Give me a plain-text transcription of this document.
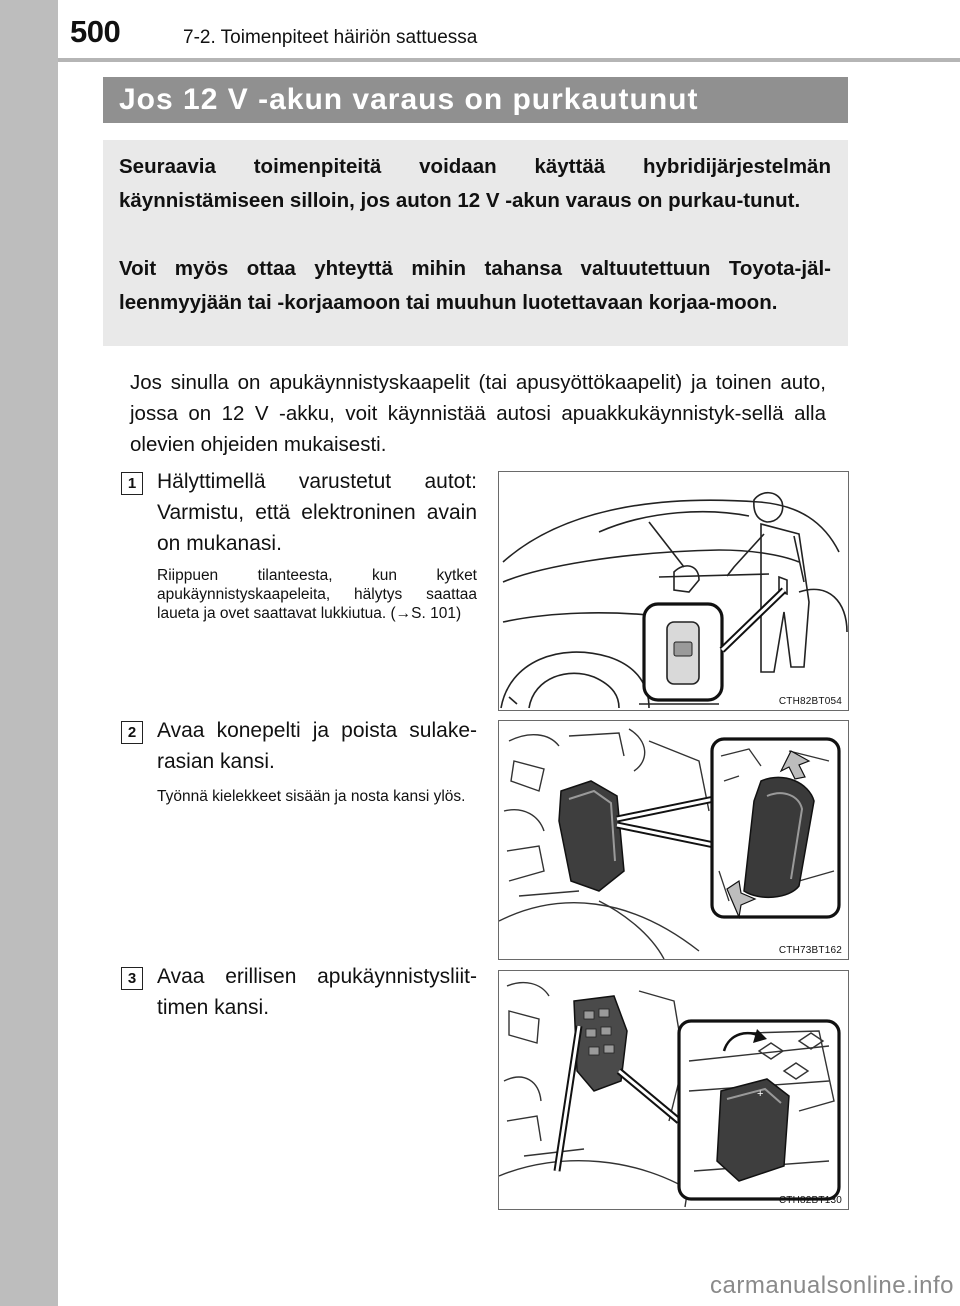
500	7-2. Toimenpiteet häiriön sattuessa
Jos 12 V -akun varaus on purkautunut

Seuraavia toimenpiteitä voidaan käyttää hybridijärjestelmän käynnistämiseen silloin, jos auton 12 V -akun varaus on purkau-tunut.

Voit myös ottaa yhteyttä mihin tahansa valtuutettuun Toyota-jäl-leenmyyjään tai -korjaamoon tai muuhun luotettavaan korjaa-moon.

Jos sinulla on apukäynnistyskaapelit (tai apusyöttökaapelit) ja toinen auto, jossa on 12 V -akku, voit käynnistää autosi apuakkukäynnistyk-sellä alla olevien ohjeiden mukaisesti.

1 Hälyttimellä varustetut autot: Varmistu, että elektroninen avain on mukanasi.

Riippuen tilanteesta, kun kytket apukäynnistyskaapeleita, hälytys saattaa laueta ja ovet saattavat lukkiutua. (→S. 101)

CTH82BT054
2 Avaa konepelti ja poista sulake-rasian kansi.

Työnnä kielekkeet sisään ja nosta kansi ylös.

CTH73BT162
3 Avaa erillisen apukäynnistysliit-timen kansi.

+
CTH82BT130
carmanualsonline.info
